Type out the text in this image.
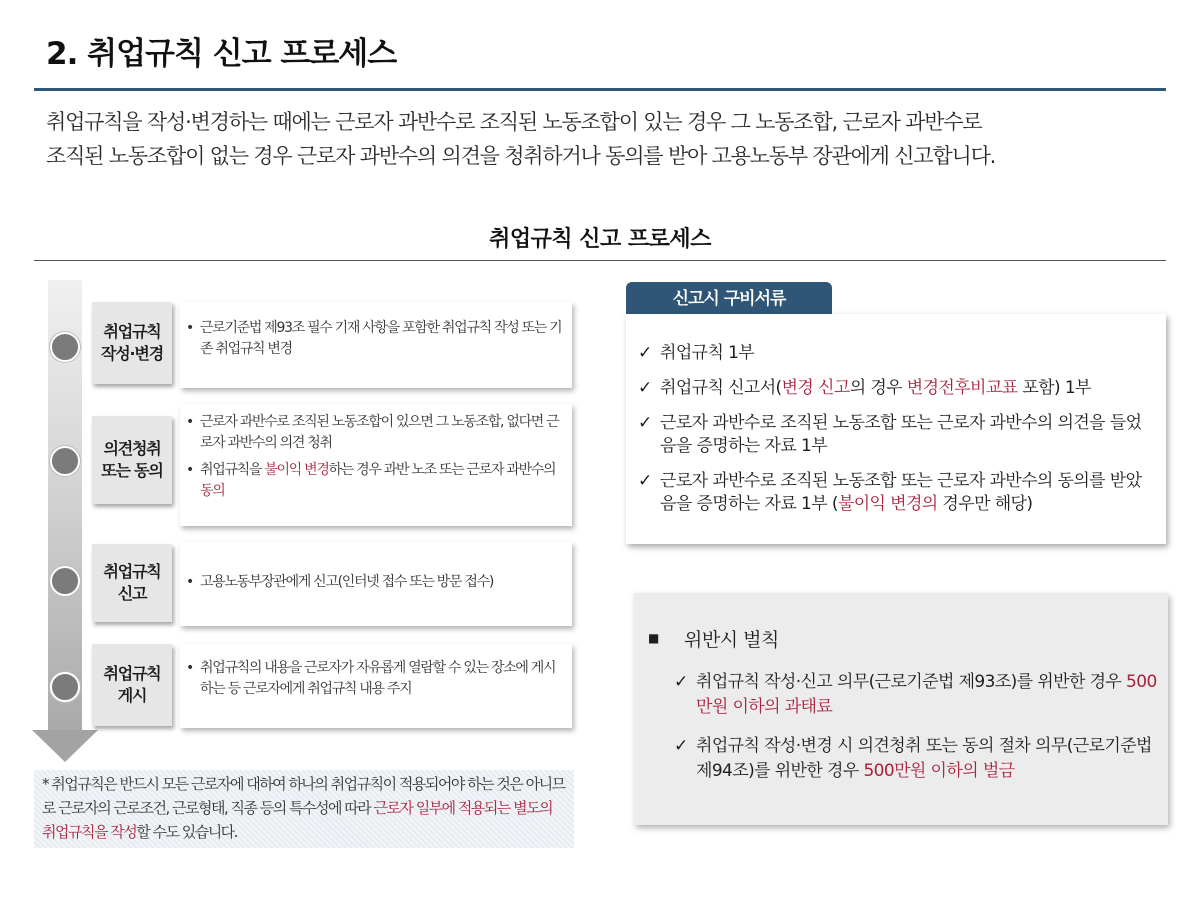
2. 취업규칙 신고 프로세스
취업규칙을 작성·변경하는 때에는 근로자 과반수로 조직된 노동조합이 있는 경우 그 노동조합, 근로자 과반수로
조직된 노동조합이 없는 경우 근로자 과반수의 의견을 청취하거나 동의를 받아 고용노동부 장관에게 신고합니다.
취업규칙 신고 프로세스
취업규칙
작성·변경
• 근로기준법 제93조 필수 기재 사항을 포함한 취업규칙 작성 또는 기존 취업규칙 변경
의견청취
또는 동의
• 근로자 과반수로 조직된 노동조합이 있으면 그 노동조합, 없다면 근로자 과반수의 의견 청취
• 취업규칙을 불이익 변경하는 경우 과반 노조 또는 근로자 과반수의 동의
취업규칙
신고
• 고용노동부장관에게 신고(인터넷 접수 또는 방문 접수)
취업규칙
게시
• 취업규칙의 내용을 근로자가 자유롭게 열람할 수 있는 장소에 게시하는 등 근로자에게 취업규칙 내용 주지
* 취업규칙은 반드시 모든 근로자에 대하여 하나의 취업규칙이 적용되어야 하는 것은 아니므로 근로자의 근로조건, 근로형태, 직종 등의 특수성에 따라 근로자 일부에 적용되는 별도의 취업규칙을 작성할 수도 있습니다.
신고시 구비서류
✓ 취업규칙 1부
✓ 취업규칙 신고서(변경 신고의 경우 변경전후비교표 포함) 1부
✓ 근로자 과반수로 조직된 노동조합 또는 근로자 과반수의 의견을 들었음을 증명하는 자료 1부
✓ 근로자 과반수로 조직된 노동조합 또는 근로자 과반수의 동의를 받았음을 증명하는 자료 1부 (불이익 변경의 경우만 해당)
■	위반시 벌칙
✓ 취업규칙 작성·신고 의무(근로기준법 제93조)를 위반한 경우 500만원 이하의 과태료
✓ 취업규칙 작성·변경 시 의견청취 또는 동의 절차 의무(근로기준법 제94조)를 위반한 경우 500만원 이하의 벌금
